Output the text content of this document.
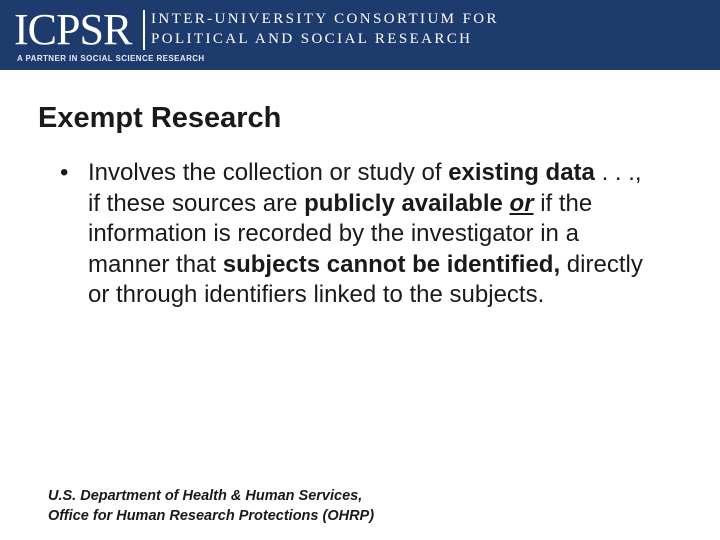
ICPSR INTER-UNIVERSITY CONSORTIUM FOR
POLITICAL AND SOCIAL RESEARCH
A PARTNER IN SOCIAL SCIENCE RESEARCH
Exempt Research
• Involves the collection or study of existing data . . ., if these sources are publicly available or if the information is recorded by the investigator in a manner that subjects cannot be identified, directly or through identifiers linked to the subjects.

U.S. Department of Health & Human Services,
Office for Human Research Protections (OHRP)
